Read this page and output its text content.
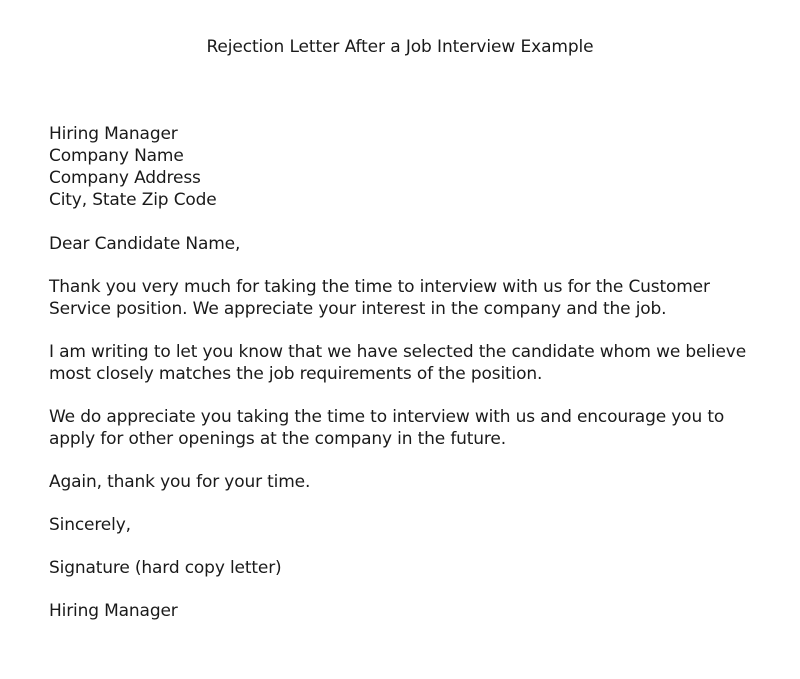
Rejection Letter After a Job Interview Example
Hiring Manager
Company Name
Company Address
City, State Zip Code
Dear Candidate Name,
Thank you very much for taking the time to interview with us for the Customer
Service position. We appreciate your interest in the company and the job.
I am writing to let you know that we have selected the candidate whom we believe
most closely matches the job requirements of the position.
We do appreciate you taking the time to interview with us and encourage you to
apply for other openings at the company in the future.
Again, thank you for your time.
Sincerely,
Signature (hard copy letter)
Hiring Manager
